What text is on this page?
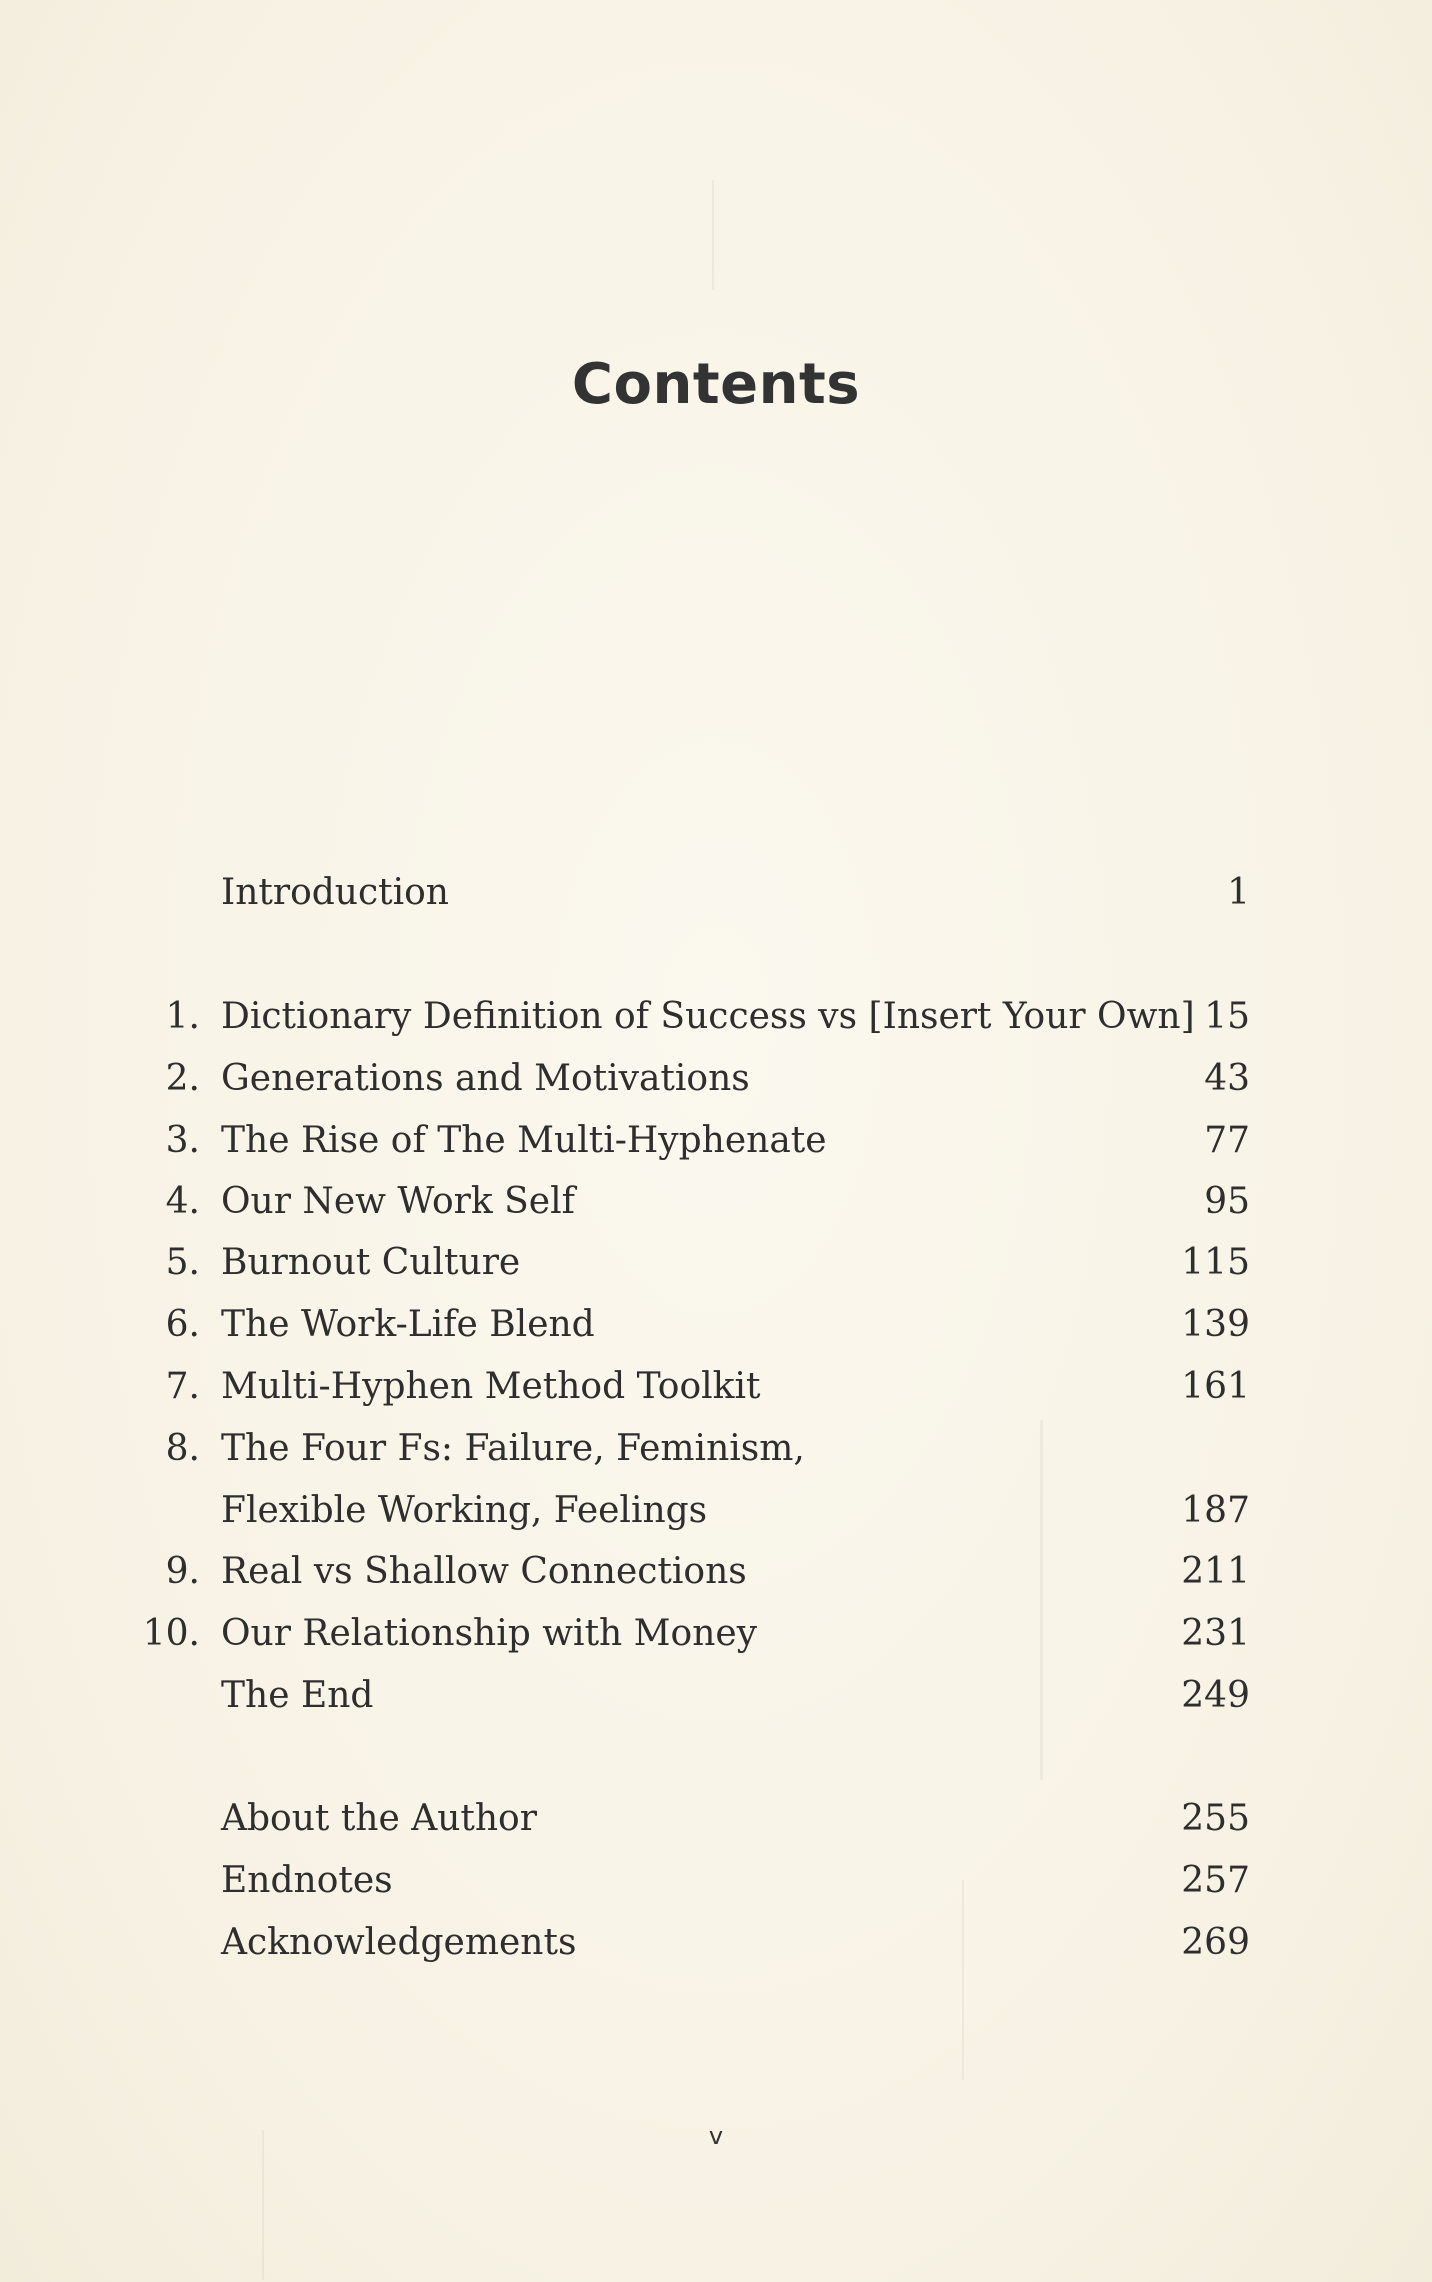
Contents
Introduction	1
1. Dictionary Definition of Success vs [Insert Your Own] 15
2. Generations and Motivations	43
3. The Rise of The Multi-Hyphenate	77
4. Our New Work Self	95
5. Burnout Culture	115
6. The Work-Life Blend	139
7. Multi-Hyphen Method Toolkit	161
8. The Four Fs: Failure, Feminism,
Flexible Working, Feelings	187
9. Real vs Shallow Connections	211
10. Our Relationship with Money	231
The End	249
About the Author	255
Endnotes	257
Acknowledgements	269
v
